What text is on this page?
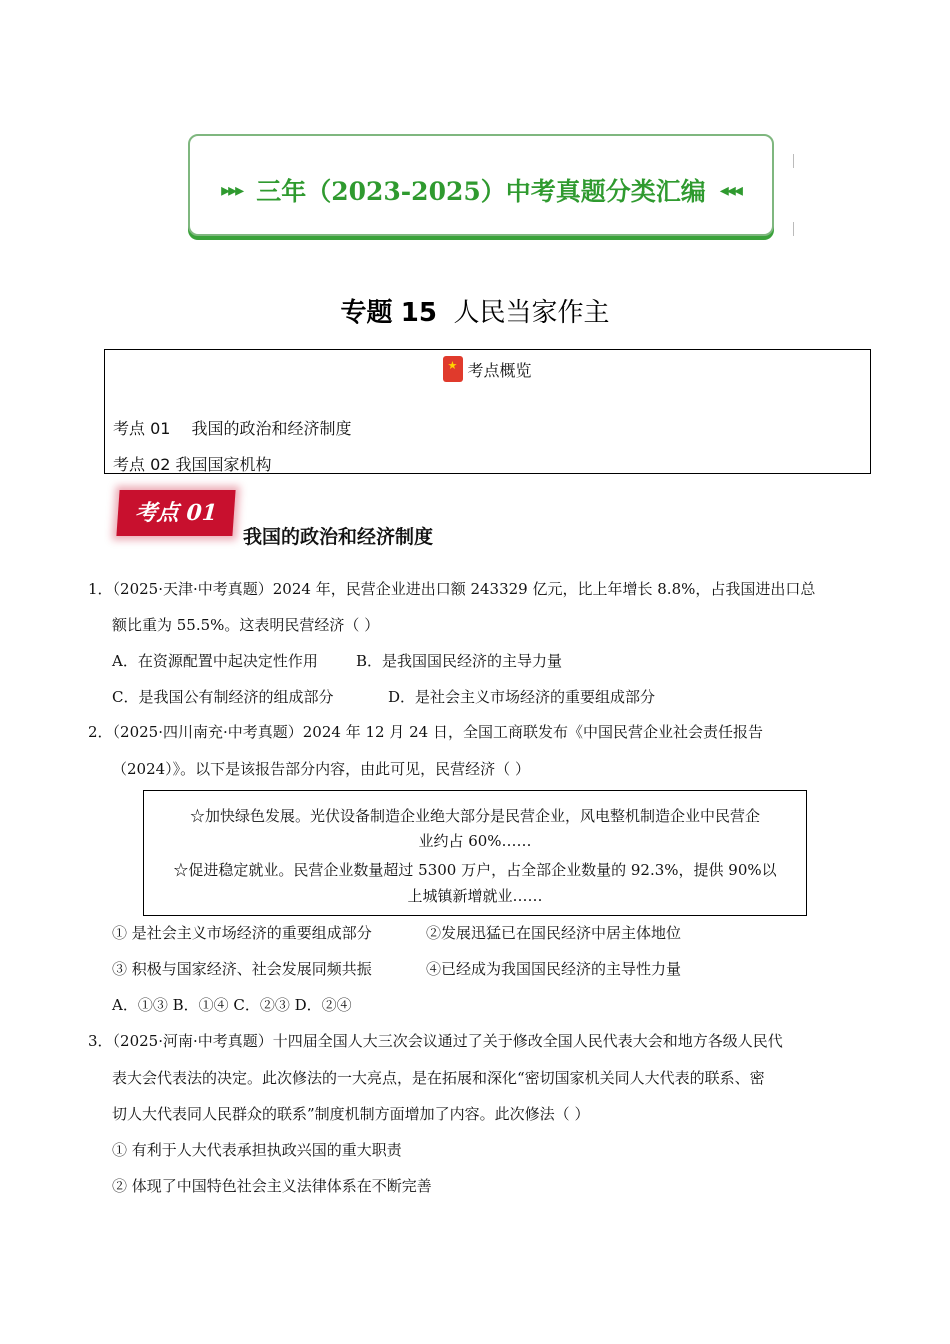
▸▸▸ 三年（2023-2025）中考真题分类汇编 ◂◂◂
专题 15 人民当家作主
★考点概览
考点 01　 我国的政治和经济制度
考点 02 我国国家机构
考点 01
我国的政治和经济制度
1．（2025·天津·中考真题）2024 年，民营企业进出口额 243329 亿元，比上年增长 8.8%，占我国进出口总
额比重为 55.5%。这表明民营经济（ ）
A．在资源配置中起决定性作用	B．是我国国民经济的主导力量
C．是我国公有制经济的组成部分	D．是社会主义市场经济的重要组成部分
2．（2025·四川南充·中考真题）2024 年 12 月 24 日，全国工商联发布《中国民营企业社会责任报告
（2024）》。以下是该报告部分内容，由此可见，民营经济（ ）
☆加快绿色发展。光伏设备制造企业绝大部分是民营企业，风电整机制造企业中民营企
业约占 60%……
☆促进稳定就业。民营企业数量超过 5300 万户，占全部企业数量的 92.3%，提供 90%以
上城镇新增就业……
① 是社会主义市场经济的重要组成部分	②发展迅猛已在国民经济中居主体地位
③ 积极与国家经济、社会发展同频共振	④已经成为我国国民经济的主导性力量
A．①③ B．①④ C．②③ D．②④
3．（2025·河南·中考真题）十四届全国人大三次会议通过了关于修改全国人民代表大会和地方各级人民代
表大会代表法的决定。此次修法的一大亮点，是在拓展和深化“密切国家机关同人大代表的联系、密
切人大代表同人民群众的联系”制度机制方面增加了内容。此次修法（ ）
① 有利于人大代表承担执政兴国的重大职责
② 体现了中国特色社会主义法律体系在不断完善
